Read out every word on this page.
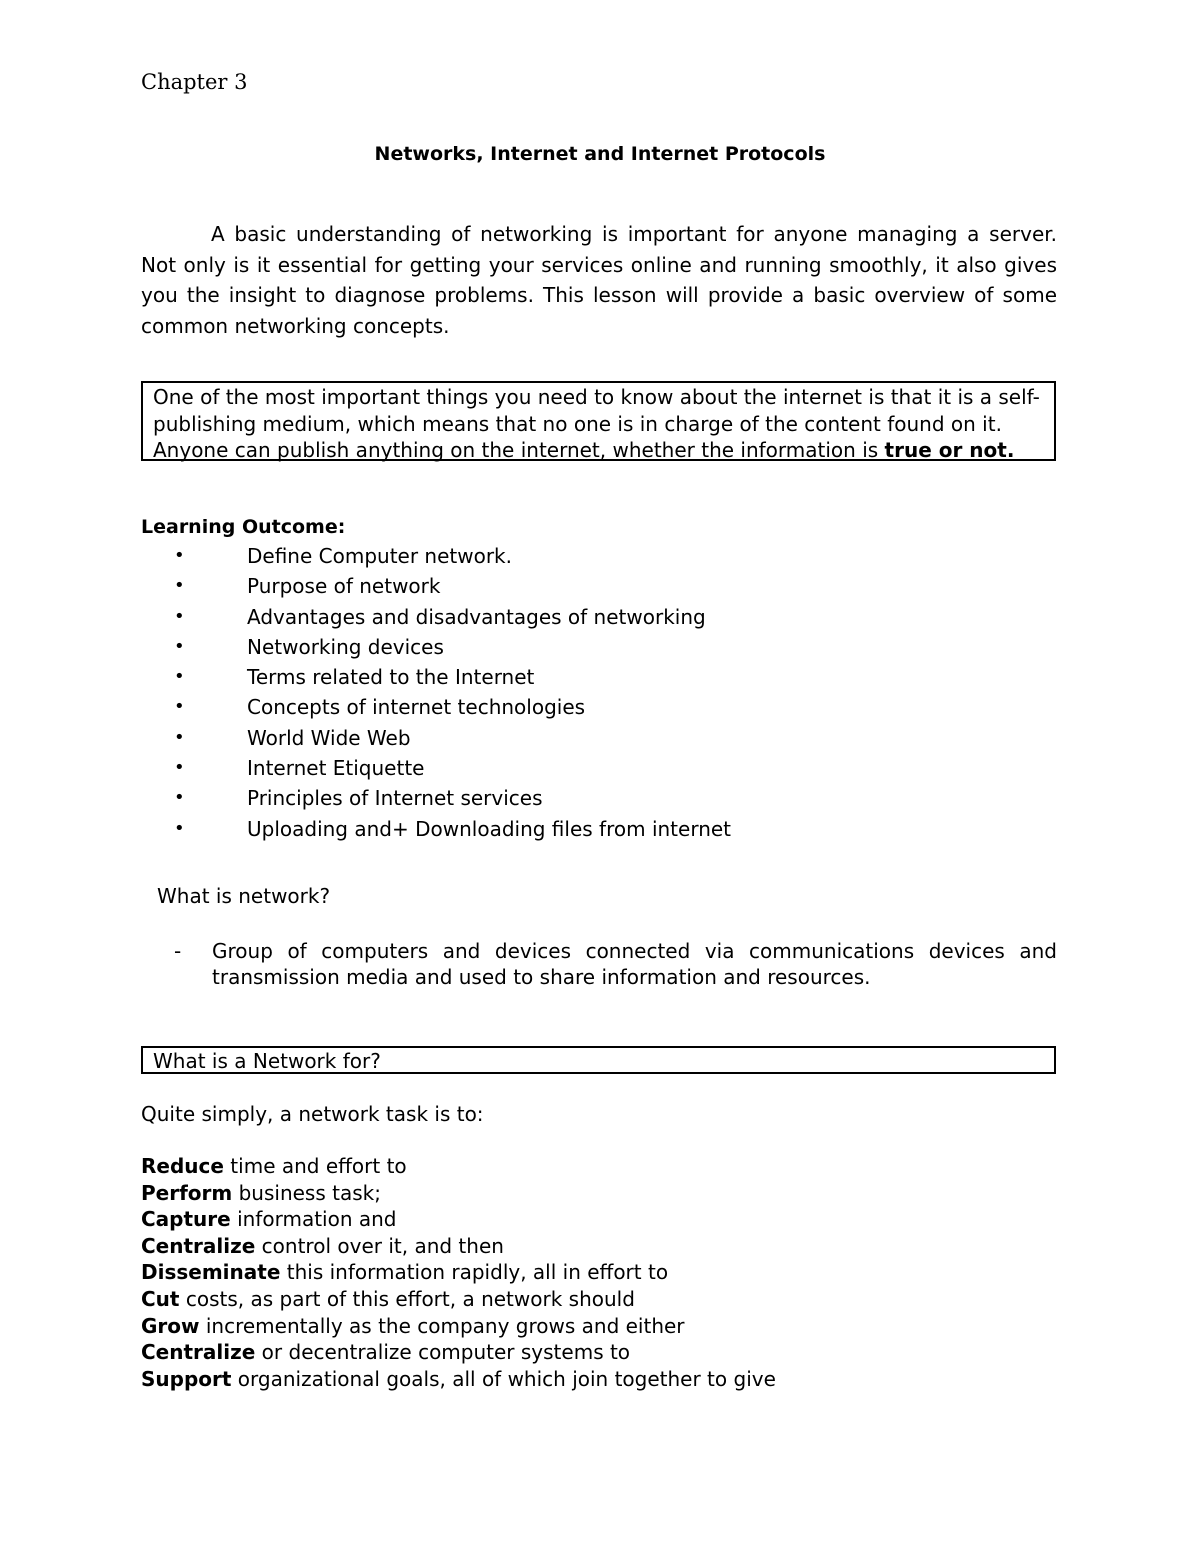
Chapter 3
Networks, Internet and Internet Protocols
A basic understanding of networking is important for anyone managing a server. Not only is it essential for getting your services online and running smoothly, it also gives you the insight to diagnose problems. This lesson will provide a basic overview of some common networking concepts.

One of the most important things you need to know about the internet is that it is a self-

publishing medium, which means that no one is in charge of the content found on it.

Anyone can publish anything on the internet, whether the information is true or not.

Learning Outcome:
•	Define Computer network.
•	Purpose of network
•	Advantages and disadvantages of networking
•	Networking devices
•	Terms related to the Internet
•	Concepts of internet technologies
•	World Wide Web
•	Internet Etiquette
•	Principles of Internet services
•	Uploading and+ Downloading files from internet
What is network?
- Group of computers and devices connected via communications devices and transmission media and used to share information and resources.
What is a Network for?
Quite simply, a network task is to:
Reduce time and effort to
Perform business task;
Capture information and
Centralize control over it, and then
Disseminate this information rapidly, all in effort to
Cut costs, as part of this effort, a network should
Grow incrementally as the company grows and either
Centralize or decentralize computer systems to
Support organizational goals, all of which join together to give
